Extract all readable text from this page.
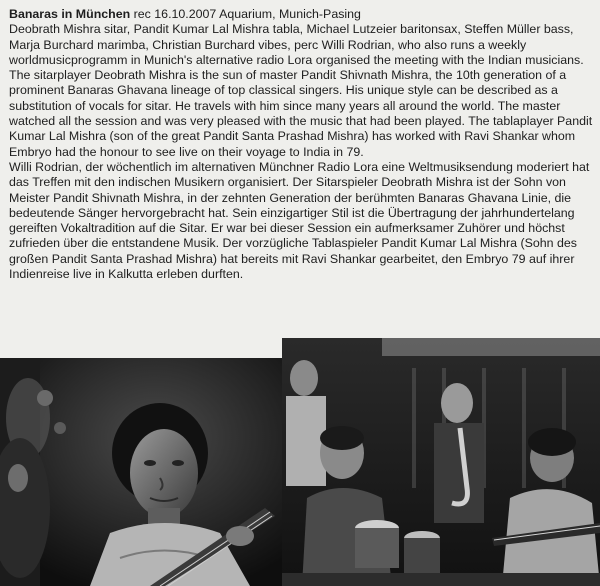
Banaras in München rec 16.10.2007 Aquarium, Munich-Pasing
Deobrath Mishra sitar, Pandit Kumar Lal Mishra tabla, Michael Lutzeier baritonsax, Steffen Müller bass, Marja Burchard marimba, Christian Burchard vibes, perc Willi Rodrian, who also runs a weekly worldmusicprogramm in Munich's alternative radio Lora organised the meeting with the Indian musicians. The sitarplayer Deobrath Mishra is the sun of master Pandit Shivnath Mishra, the 10th generation of a prominent Banaras Ghavana lineage of top classical singers. His unique style can be described as a substitution of vocals for sitar. He travels with him since many years all around the world. The master watched all the session and was very pleased with the music that had been played. The tablaplayer Pandit Kumar Lal Mishra (son of the great Pandit Santa Prashad Mishra) has worked with Ravi Shankar whom Embryo had the honour to see live on their voyage to India in 79.

Willi Rodrian, der wöchentlich im alternativen Münchner Radio Lora eine Weltmusiksendung moderiert hat das Treffen mit den indischen Musikern organisiert. Der Sitarspieler Deobrath Mishra ist der Sohn von Meister Pandit Shivnath Mishra, in der zehnten Generation der berühmten Banaras Ghavana Linie, die bedeutende Sänger hervorgebracht hat. Sein einzigartiger Stil ist die Übertragung der jahrhundertelang gereiften Vokaltradition auf die Sitar. Er war bei dieser Session ein aufmerksamer Zuhörer und höchst zufrieden über die entstandene Musik. Der vorzügliche Tablaspieler Pandit Kumar Lal Mishra (Sohn des großen Pandit Santa Prashad Mishra) hat bereits mit Ravi Shankar gearbeitet, den Embryo 79 auf ihrer Indienreise live in Kalkutta erleben durften.
